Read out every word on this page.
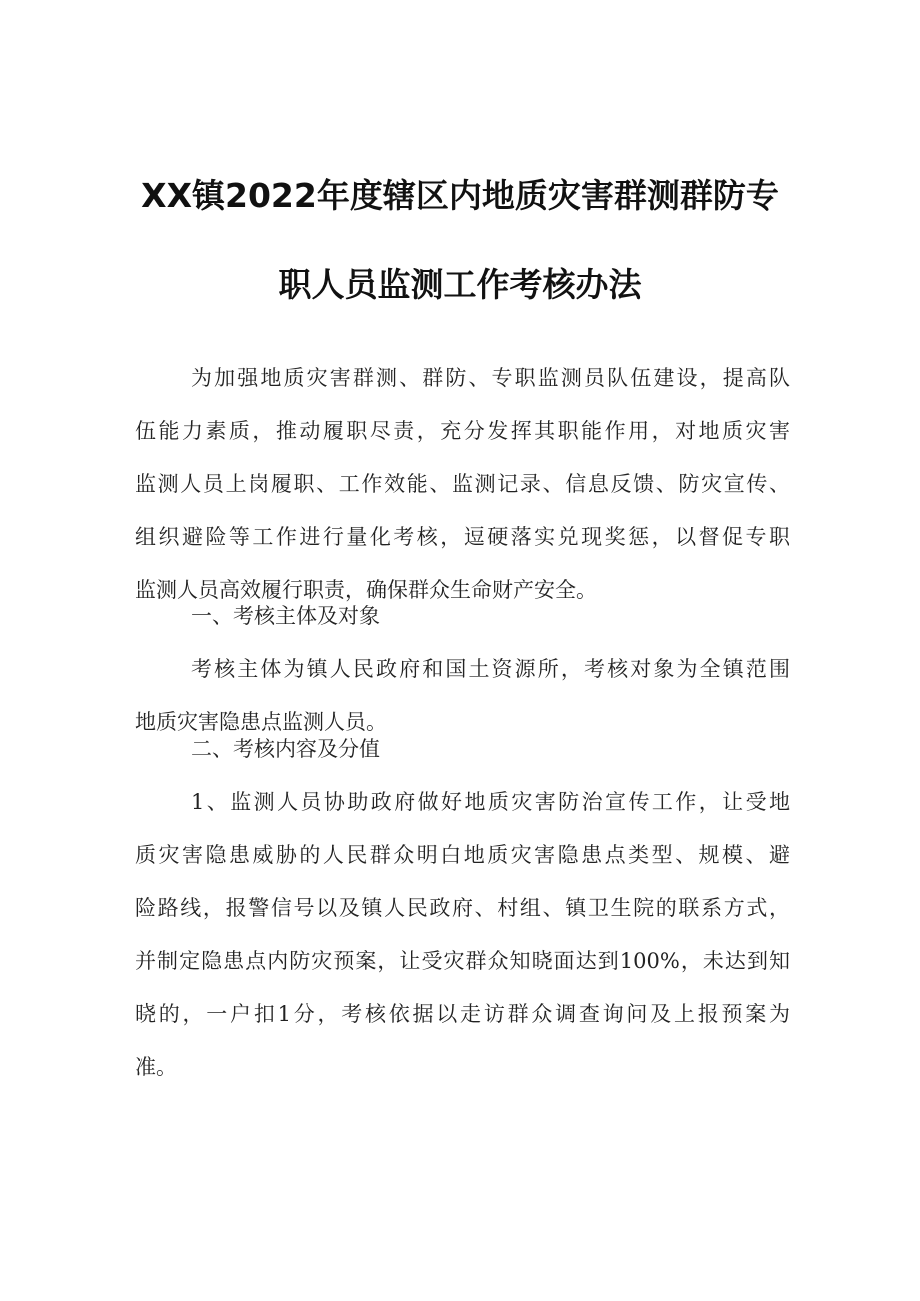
XX镇2022年度辖区内地质灾害群测群防专
职人员监测工作考核办法
为加强地质灾害群测、群防、专职监测员队伍建设，提高队
伍能力素质，推动履职尽责，充分发挥其职能作用，对地质灾害
监测人员上岗履职、工作效能、监测记录、信息反馈、防灾宣传、
组织避险等工作进行量化考核，逗硬落实兑现奖惩，以督促专职
监测人员高效履行职责，确保群众生命财产安全。
一、考核主体及对象
考核主体为镇人民政府和国土资源所，考核对象为全镇范围
地质灾害隐患点监测人员。
二、考核内容及分值
1、监测人员协助政府做好地质灾害防治宣传工作，让受地
质灾害隐患威胁的人民群众明白地质灾害隐患点类型、规模、避
险路线，报警信号以及镇人民政府、村组、镇卫生院的联系方式，
并制定隐患点内防灾预案，让受灾群众知晓面达到100%，未达到知
晓的，一户扣1分，考核依据以走访群众调查询问及上报预案为
准。
